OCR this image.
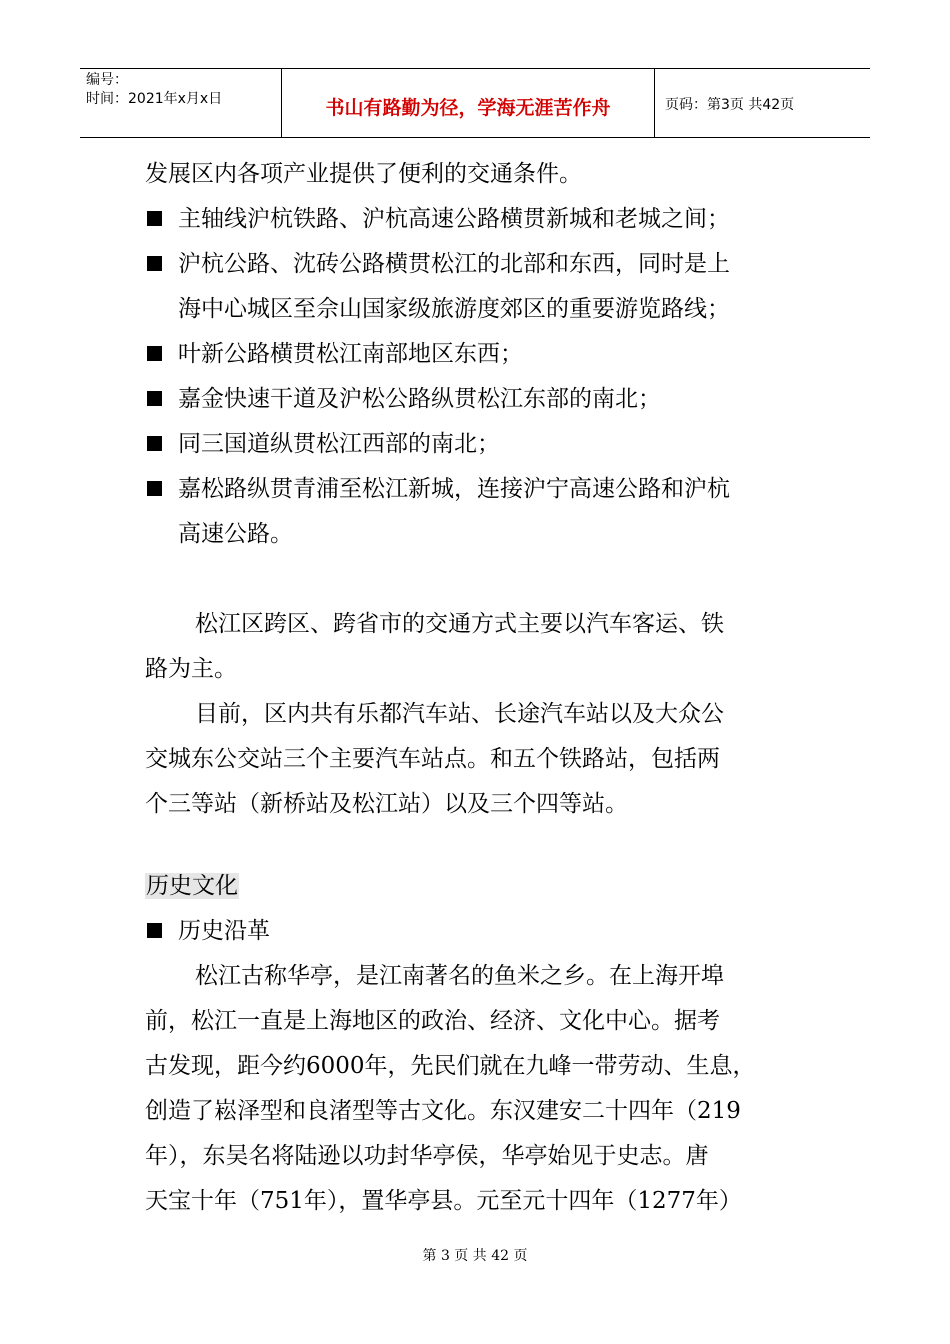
编号：
时间：2021年x月x日	书山有路勤为径，学海无涯苦作舟	页码：第3页 共42页
发展区内各项产业提供了便利的交通条件。
主轴线沪杭铁路、沪杭高速公路横贯新城和老城之间；
沪杭公路、沈砖公路横贯松江的北部和东西，同时是上
海中心城区至佘山国家级旅游度郊区的重要游览路线；
叶新公路横贯松江南部地区东西；
嘉金快速干道及沪松公路纵贯松江东部的南北；
同三国道纵贯松江西部的南北；
嘉松路纵贯青浦至松江新城，连接沪宁高速公路和沪杭
高速公路。
松江区跨区、跨省市的交通方式主要以汽车客运、铁
路为主。
目前，区内共有乐都汽车站、长途汽车站以及大众公
交城东公交站三个主要汽车站点。和五个铁路站，包括两
个三等站（新桥站及松江站）以及三个四等站。
历史文化
历史沿革
松江古称华亭，是江南著名的鱼米之乡。在上海开埠
前，松江一直是上海地区的政治、经济、文化中心。据考
古发现，距今约6000年，先民们就在九峰一带劳动、生息，
创造了崧泽型和良渚型等古文化。东汉建安二十四年（219
年），东吴名将陆逊以功封华亭侯，华亭始见于史志。唐
天宝十年（751年），置华亭县。元至元十四年（1277年）
第 3 页 共 42 页
